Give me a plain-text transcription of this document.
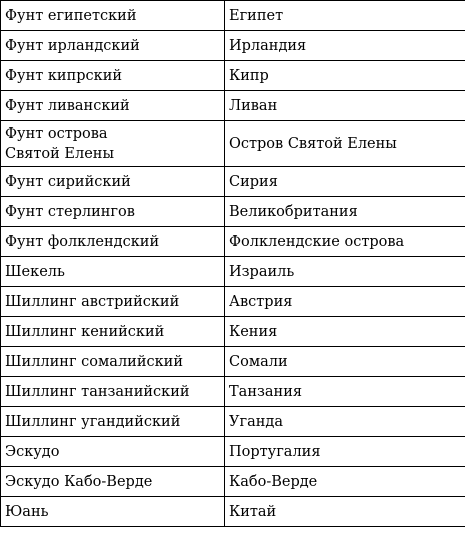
Фунт египетский	Египет
Фунт ирландский	Ирландия
Фунт кипрский	Кипр
Фунт ливанский	Ливан

Фунт острова Святой Елены	Остров Святой Елены
Фунт сирийский	Сирия
Фунт стерлингов	Великобритания
Фунт фолклендский	Фолклендские острова
Шекель	Израиль
Шиллинг австрийский	Австрия
Шиллинг кенийский	Кения
Шиллинг сомалийский	Сомали
Шиллинг танзанийский	Танзания
Шиллинг угандийский	Уганда
Эскудо	Португалия
Эскудо Кабо-Верде	Кабо-Верде
Юань	Китай
